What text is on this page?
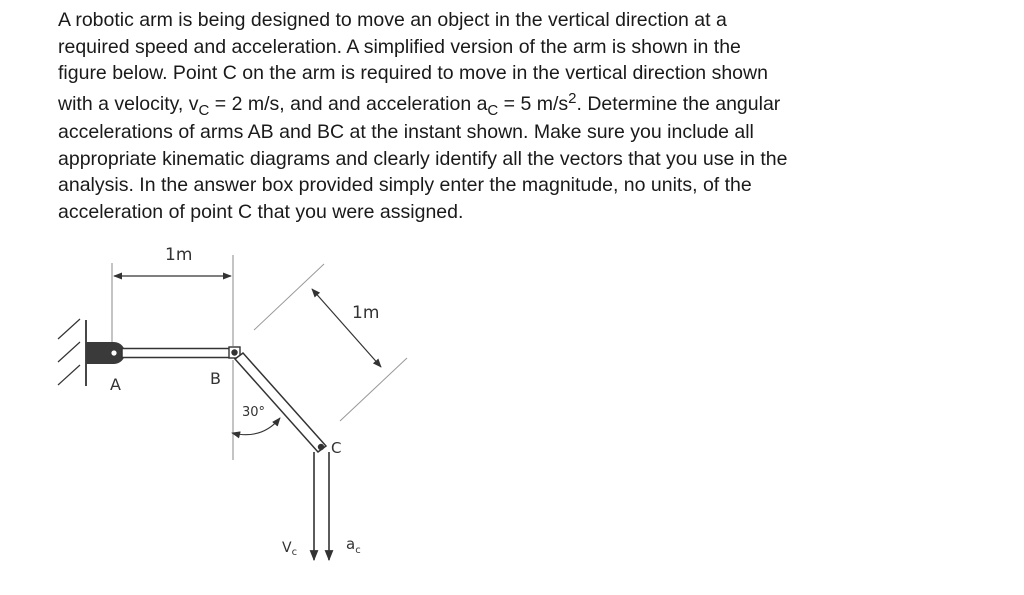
A robotic arm is being designed to move an object in the vertical direction at a
required speed and acceleration. A simplified version of the arm is shown in the
figure below. Point C on the arm is required to move in the vertical direction shown
with a velocity, $v_C = 2$ m/s, and and acceleration $a_C = 5$ $m/s^2$. Determine the angular
accelerations of arms AB and BC at the instant shown. Make sure you include all
appropriate kinematic diagrams and clearly identify all the vectors that you use in the
analysis. In the answer box provided simply enter the magnitude, no units, of the
acceleration of point C that you were assigned.
1m
1m
30°
A	B
C
$V_c$	$a_c$
